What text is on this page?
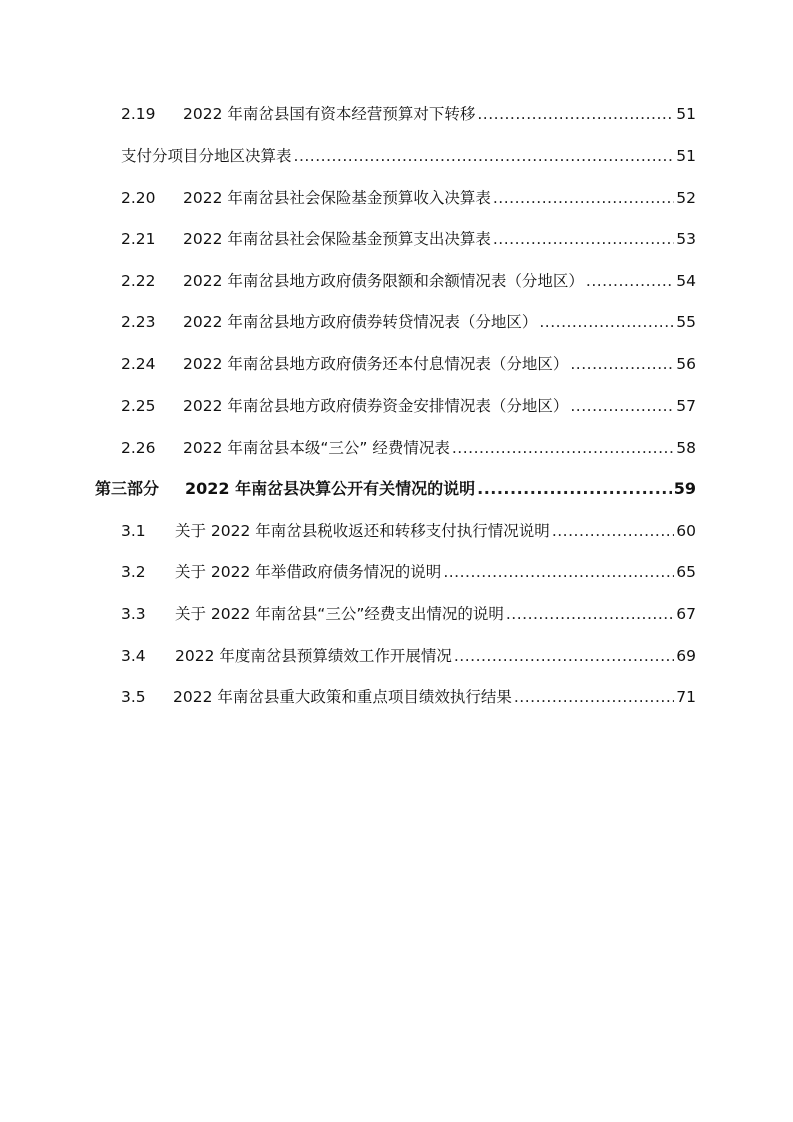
2.19	2022 年南岔县国有资本经营预算对下转移 .....	51
支付分项目分地区决算表 .....	51
2.20	2022 年南岔县社会保险基金预算收入决算表 .....	52
2.21	2022 年南岔县社会保险基金预算支出决算表 .....	53
2.22	2022 年南岔县地方政府债务限额和余额情况表（分地区） .....	54
2.23	2022 年南岔县地方政府债券转贷情况表（分地区） .....	55
2.24	2022 年南岔县地方政府债务还本付息情况表（分地区） .....	56
2.25	2022 年南岔县地方政府债券资金安排情况表（分地区） .....	57
2.26	2022 年南岔县本级“三公” 经费情况表 .....	58
第三部分	2022 年南岔县决算公开有关情况的说明 .....	59
3.1	关于 2022 年南岔县税收返还和转移支付执行情况说明 .....	60
3.2	关于 2022 年举借政府债务情况的说明 .....	65
3.3	关于 2022 年南岔县“三公”经费支出情况的说明 .....	67
3.4	2022 年度南岔县预算绩效工作开展情况 .....	69
3.5	2022 年南岔县重大政策和重点项目绩效执行结果 .....	71
